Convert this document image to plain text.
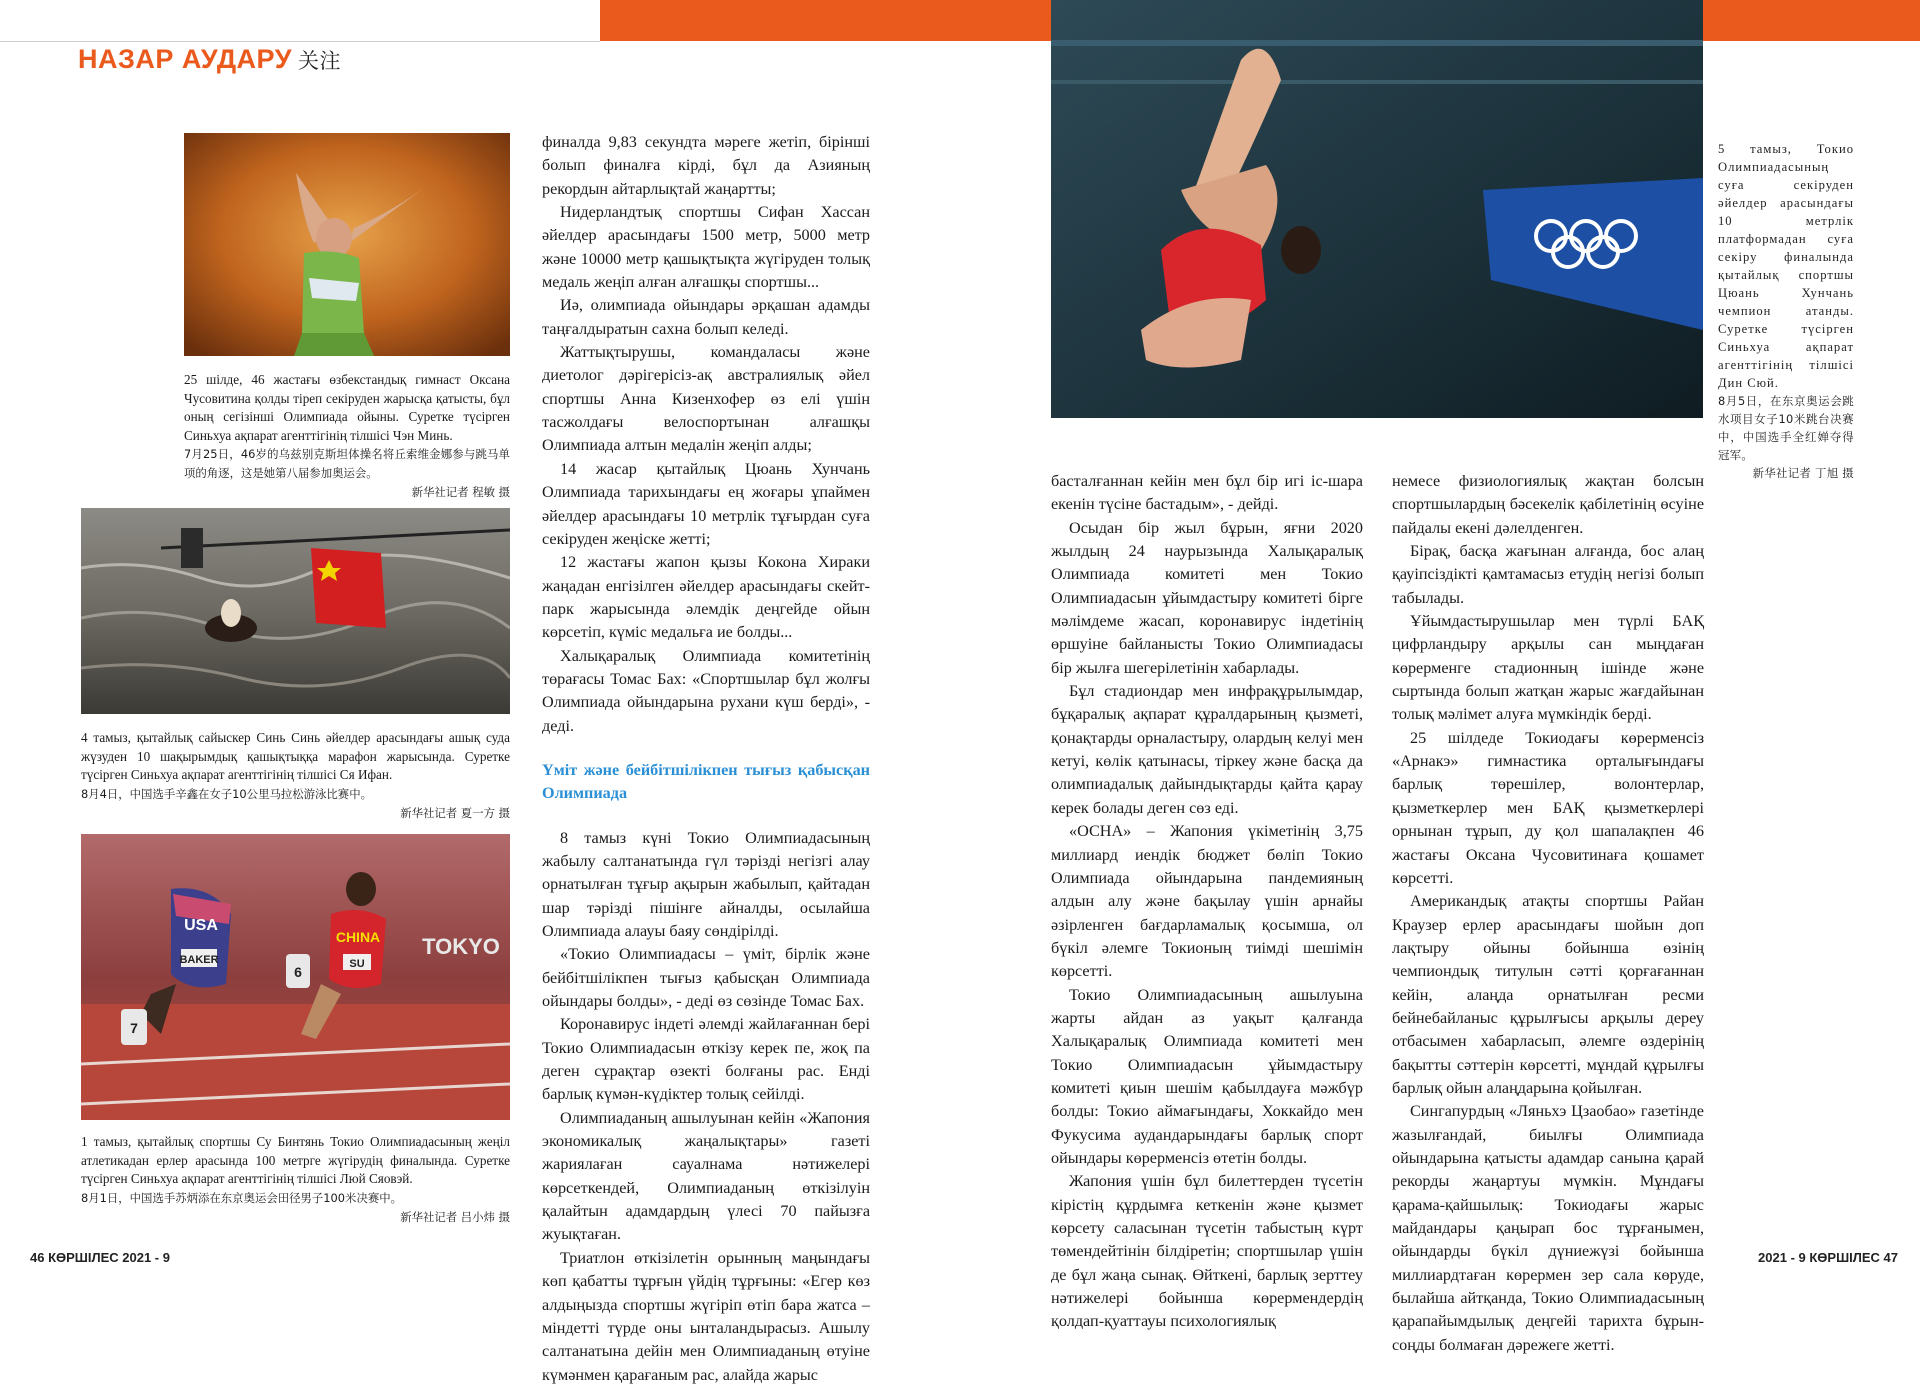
НАЗАР АУДАРУ 关注

25 шілде, 46 жастағы өзбекстандық гимнаст Оксана Чусовитина қолды тіреп секіруден жарысқа қатысты, бұл оның сегізінші Олимпиада ойыны. Суретке түсірген Синьхуа ақпарат агенттігінің тілшісі Чэн Минь.

7月25日，46岁的乌兹别克斯坦体操名将丘索维金娜参与跳马单项的角逐，这是她第八届参加奥运会。

新华社记者 程敏 摄

4 тамыз, қытайлық сайыскер Синь Синь әйелдер арасындағы ашық суда жүзуден 10 шақырымдық қашықтыққа марафон жарысында. Суретке түсірген Синьхуа ақпарат агенттігінің тілшісі Ся Ифан.

8月4日，中国选手辛鑫在女子10公里马拉松游泳比赛中。

新华社记者 夏一方 摄

TOKYO
USA
BAKER
7
CHINA
SU
6

1 тамыз, қытайлық спортшы Су Бинтянь Токио Олимпиадасының жеңіл атлетикадан ерлер арасында 100 метрге жүгірудің финалында. Суретке түсірген Синьхуа ақпарат агенттігінің тілшісі Люй Сяовэй.

8月1日，中国选手苏炳添在东京奥运会田径男子100米决赛中。

新华社记者 吕小炜 摄

финалда 9,83 секундта мәреге жетіп, бірінші болып финалға кірді, бұл да Азияның рекордын айтарлықтай жаңартты;

Нидерландтық спортшы Сифан Хассан әйелдер арасындағы 1500 метр, 5000 метр және 10000 метр қашықтықта жүгіруден толық медаль жеңіп алған алғашқы спортшы...

Иә, олимпиада ойындары әрқашан адамды таңғалдыратын сахна болып келеді.

Жаттықтырушы, командаласы және диетолог дәрігерісіз-ақ австралиялық әйел спортшы Анна Кизенхофер өз елі үшін тасжолдағы велоспортынан алғашқы Олимпиада алтын медалін жеңіп алды;

14 жасар қытайлық Цюань Хунчань Олимпиада тарихындағы ең жоғары ұпаймен әйелдер арасындағы 10 метрлік тұғырдан суға секіруден жеңіске жетті;

12 жастағы жапон қызы Кокона Хираки жаңадан енгізілген әйелдер арасындағы скейт-парк жарысында әлемдік деңгейде ойын көрсетіп, күміс медальға ие болды...

Халықаралық Олимпиада комитетінің төрағасы Томас Бах: «Спортшылар бұл жолғы Олимпиада ойындарына рухани күш берді», - деді.

Үміт және бейбітшілікпен тығыз қабысқан Олимпиада

8 тамыз күні Токио Олимпиадасының жабылу салтанатында гүл тәрізді негізгі алау орнатылған тұғыр ақырын жабылып, қайтадан шар тәрізді пішінге айналды, осылайша Олимпиада алауы баяу сөндірілді.

«Токио Олимпиадасы – үміт, бірлік және бейбітшілікпен тығыз қабысқан Олимпиада ойындары болды», - деді өз сөзінде Томас Бах.

Коронавирус індеті әлемді жайлағаннан бері Токио Олимпиадасын өткізу керек пе, жоқ па деген сұрақтар өзекті болғаны рас. Енді барлық күмән-күдіктер толық сейілді.

Олимпиаданың ашылуынан кейін «Жапония экономикалық жаңалықтары» газеті жариялаған сауалнама нәтижелері көрсеткендей, Олимпиаданың өткізілуін қалайтын адамдардың үлесі 70 пайызға жуықтаған.

Триатлон өткізілетін орынның маңындағы көп қабатты тұрғын үйдің тұрғыны: «Егер көз алдыңызда спортшы жүгіріп өтіп бара жатса – міндетті түрде оны ынталандырасыз. Ашылу салтанатына дейін мен Олимпиаданың өтуіне күмәнмен қарағаным рас, алайда жарыс

5 тамыз, Токио Олимпиадасының суға секіруден әйелдер арасындағы 10 метрлік платформадан суға секіру финалында қытайлық спортшы Цюань Хунчань чемпион атанды. Суретке түсірген Синьхуа ақпарат агенттігінің тілшісі Дин Сюй.

8月5日，在东京奥运会跳水项目女子10米跳台决赛中，中国选手全红婵夺得冠军。

新华社记者 丁旭 摄

басталғаннан кейін мен бұл бір игі іс-шара екенін түсіне бастадым», - дейді.

Осыдан бір жыл бұрын, яғни 2020 жылдың 24 наурызында Халықаралық Олимпиада комитеті мен Токио Олимпиадасын ұйымдастыру комитеті бірге мәлімдеме жасап, коронавирус індетінің өршуіне байланысты Токио Олимпиадасы бір жылға шегерілетінін хабарлады.

Бұл стадиондар мен инфрақұрылымдар, бұқаралық ақпарат құралдарының қызметі, қонақтарды орналастыру, олардың келуі мен кетуі, көлік қатынасы, тіркеу және басқа да олимпиадалық дайындықтарды қайта қарау керек болады деген сөз еді.

«ОСНА» – Жапония үкіметінің 3,75 миллиард иендік бюджет бөліп Токио Олимпиада ойындарына пандемияның алдын алу және бақылау үшін арнайы әзірленген бағдарламалық қосымша, ол бүкіл әлемге Токионың тиімді шешімін көрсетті.

Токио Олимпиадасының ашылуына жарты айдан аз уақыт қалғанда Халықаралық Олимпиада комитеті мен Токио Олимпиадасын ұйымдастыру комитеті қиын шешім қабылдауға мәжбүр болды: Токио аймағындағы, Хоккайдо мен Фукусима аудандарындағы барлық спорт ойындары көрерменсіз өтетін болды.

Жапония үшін бұл билеттерден түсетін кірістің құрдымға кеткенін және қызмет көрсету саласынан түсетін табыстың күрт төмендейтінін білдіретін; спортшылар үшін де бұл жаңа сынақ. Өйткені, барлық зерттеу нәтижелері бойынша көрермендердің қолдап-қуаттауы психологиялық

немесе физиологиялық жақтан болсын спортшылардың бәсекелік қабілетінің өсуіне пайдалы екені дәлелденген.

Бірақ, басқа жағынан алғанда, бос алаң қауіпсіздікті қамтамасыз етудің негізі болып табылады.

Ұйымдастырушылар мен түрлі БАҚ цифрландыру арқылы сан мыңдаған көрерменге стадионның ішінде және сыртында болып жатқан жарыс жағдайынан толық мәлімет алуға мүмкіндік берді.

25 шілдеде Токиодағы көрерменсіз «Арнакэ» гимнастика орталығындағы барлық төрешілер, волонтерлар, қызметкерлер мен БАҚ қызметкерлері орнынан тұрып, ду қол шапалақпен 46 жастағы Оксана Чусовитинаға қошамет көрсетті.

Американдық атақты спортшы Райан Краузер ерлер арасындағы шойын доп лақтыру ойыны бойынша өзінің чемпиондық титулын сәтті қорғағаннан кейін, алаңда орнатылған ресми бейнебайланыс құрылғысы арқылы дереу отбасымен хабарласып, әлемге өздерінің бақытты сәттерін көрсетті, мұндай құрылғы барлық ойын алаңдарына қойылған.

Сингапурдың «Ляньхэ Цзаобао» газетінде жазылғандай, биылғы Олимпиада ойындарына қатысты адамдар санына қарай рекорды жаңартуы мүмкін. Мұндағы қарама-қайшылық: Токиодағы жарыс майдандары қаңырап бос тұрғанымен, ойындарды бүкіл дүниежүзі бойынша миллиардтаған көрермен зер сала көруде, былайша айтқанда, Токио Олимпиадасының қарапайымдылық деңгейі тарихта бұрын-соңды болмаған дәрежеге жетті.

46 КӨРШІЛЕС 2021 - 9	2021 - 9 КӨРШІЛЕС 47
